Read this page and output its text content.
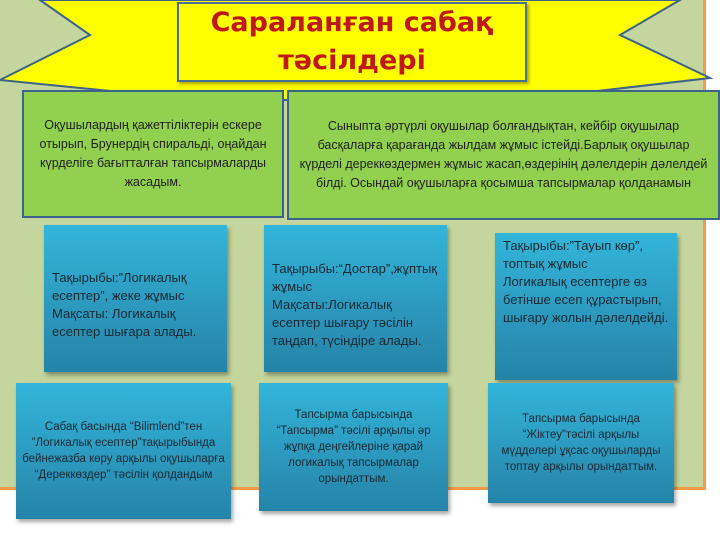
Сараланған сабақ тәсілдері
Оқушылардың қажеттіліктерін ескере отырып, Брунердің спиральді, оңайдан күрделіге бағытталған тапсырмаларды жасадым.
Сыныпта әртүрлі оқушылар болғандықтан, кейбір оқушылар басқаларға қарағанда жылдам жұмыс істейді.Барлық оқушылар күрделі дереккөздермен жұмыс жасап,өздерінің дәлелдерін дәлелдей білді. Осындай оқушыларға қосымша тапсырмалар қолданамын
Тақырыбы:”Логикалық есептер”, жеке жұмыс
Мақсаты: Логикалық есептер шығара алады.
Тақырыбы:“Достар”,жұптық жұмыс
Мақсаты:Логикалық есептер шығару тәсілін таңдап, түсіндіре алады.
Тақырыбы:”Тауып көр”, топтық жұмыс
Логикалық есептерге өз бетінше есеп құрастырып, шығару жолын дәлелдейді.
Сабақ басында “Bilimlend”тен ”Логикалық есептер”тақырыбында бейнежазба көру арқылы оқушыларға “Дереккөздер” тәсілін қолдандым
Тапсырма барысында “Тапсырма” тәсілі арқылы әр жұпқа деңгейлеріне қарай логикалық тапсырмалар орындаттым.
Тапсырма барысында “Жіктеу”тәсілі арқылы мүдделері ұқсас оқушыларды топтау арқылы орындаттым.
